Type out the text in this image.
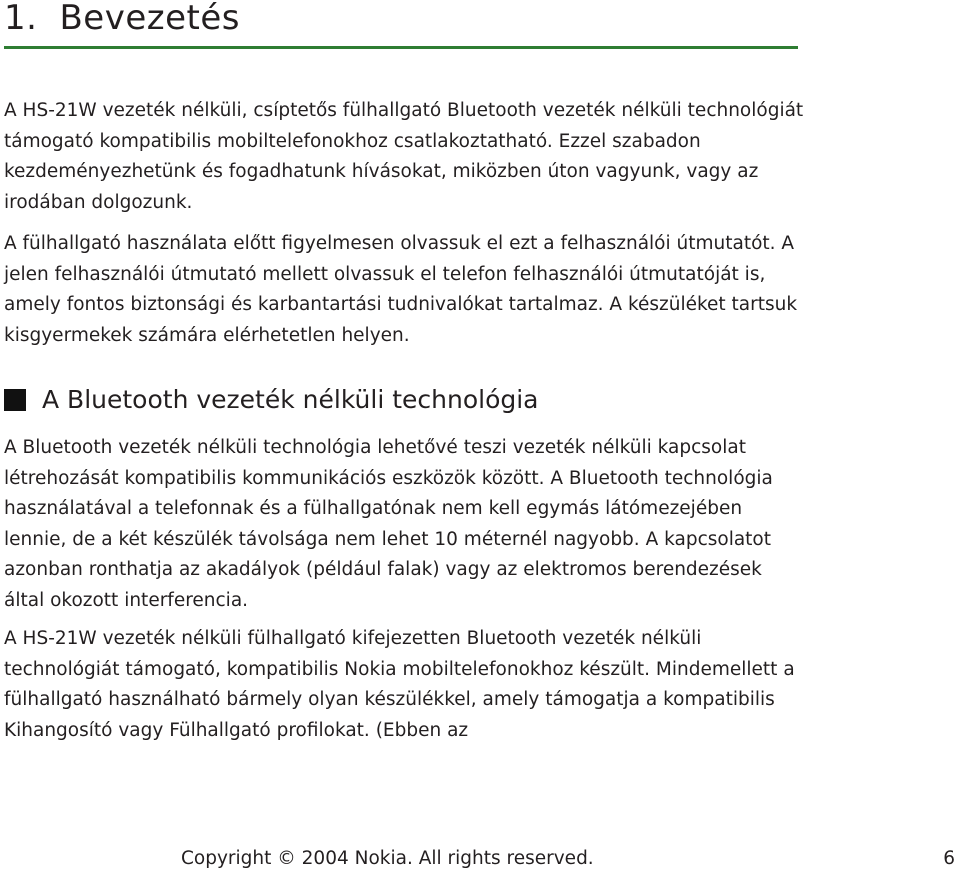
1. Bevezetés

A HS-21W vezeték nélküli, csíptetős fülhallgató Bluetooth vezeték nélküli technológiát támogató kompatibilis mobiltelefonokhoz csatlakoztatható. Ezzel szabadon kezdeményezhetünk és fogadhatunk hívásokat, miközben úton vagyunk, vagy az irodában dolgozunk.

A fülhallgató használata előtt figyelmesen olvassuk el ezt a felhasználói útmutatót. A jelen felhasználói útmutató mellett olvassuk el telefon felhasználói útmutatóját is, amely fontos biztonsági és karbantartási tudnivalókat tartalmaz. A készüléket tartsuk kisgyermekek számára elérhetetlen helyen.

A Bluetooth vezeték nélküli technológia

A Bluetooth vezeték nélküli technológia lehetővé teszi vezeték nélküli kapcsolat létrehozását kompatibilis kommunikációs eszközök között. A Bluetooth technológia használatával a telefonnak és a fülhallgatónak nem kell egymás látómezejében lennie, de a két készülék távolsága nem lehet 10 méternél nagyobb. A kapcsolatot azonban ronthatja az akadályok (például falak) vagy az elektromos berendezések által okozott interferencia.

A HS-21W vezeték nélküli fülhallgató kifejezetten Bluetooth vezeték nélküli technológiát támogató, kompatibilis Nokia mobiltelefonokhoz készült. Mindemellett a fülhallgató használható bármely olyan készülékkel, amely támogatja a kompatibilis Kihangosító vagy Fülhallgató profilokat. (Ebben az

Copyright © 2004 Nokia. All rights reserved.	6
